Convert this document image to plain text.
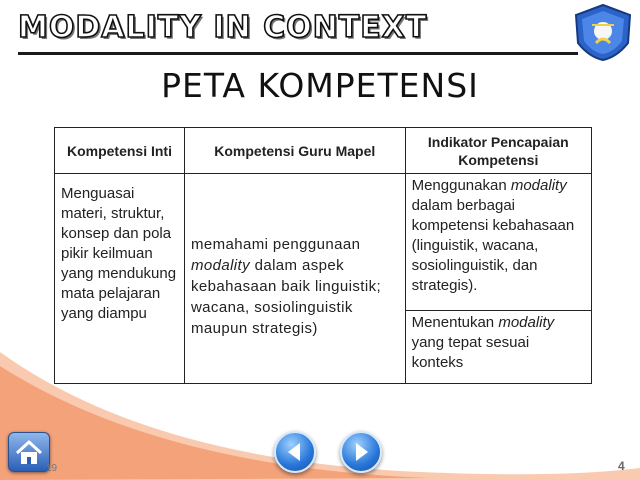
MODALITY IN CONTEXT
PETA KOMPETENSI
Kompetensi Inti	Kompetensi Guru Mapel	Indikator Pencapaian Kompetensi
Menguasai materi, struktur, konsep dan pola pikir keilmuan yang mendukung mata pelajaran yang diampu	memahami penggunaan modality dalam aspek kebahasaan baik linguistik; wacana, sosiolinguistik maupun strategis)	Menggunakan modality dalam berbagai kompetensi kebahasaan (linguistik, wacana, sosiolinguistik, dan strategis).
		Menentukan modality yang tepat sesuai konteks
19	4
